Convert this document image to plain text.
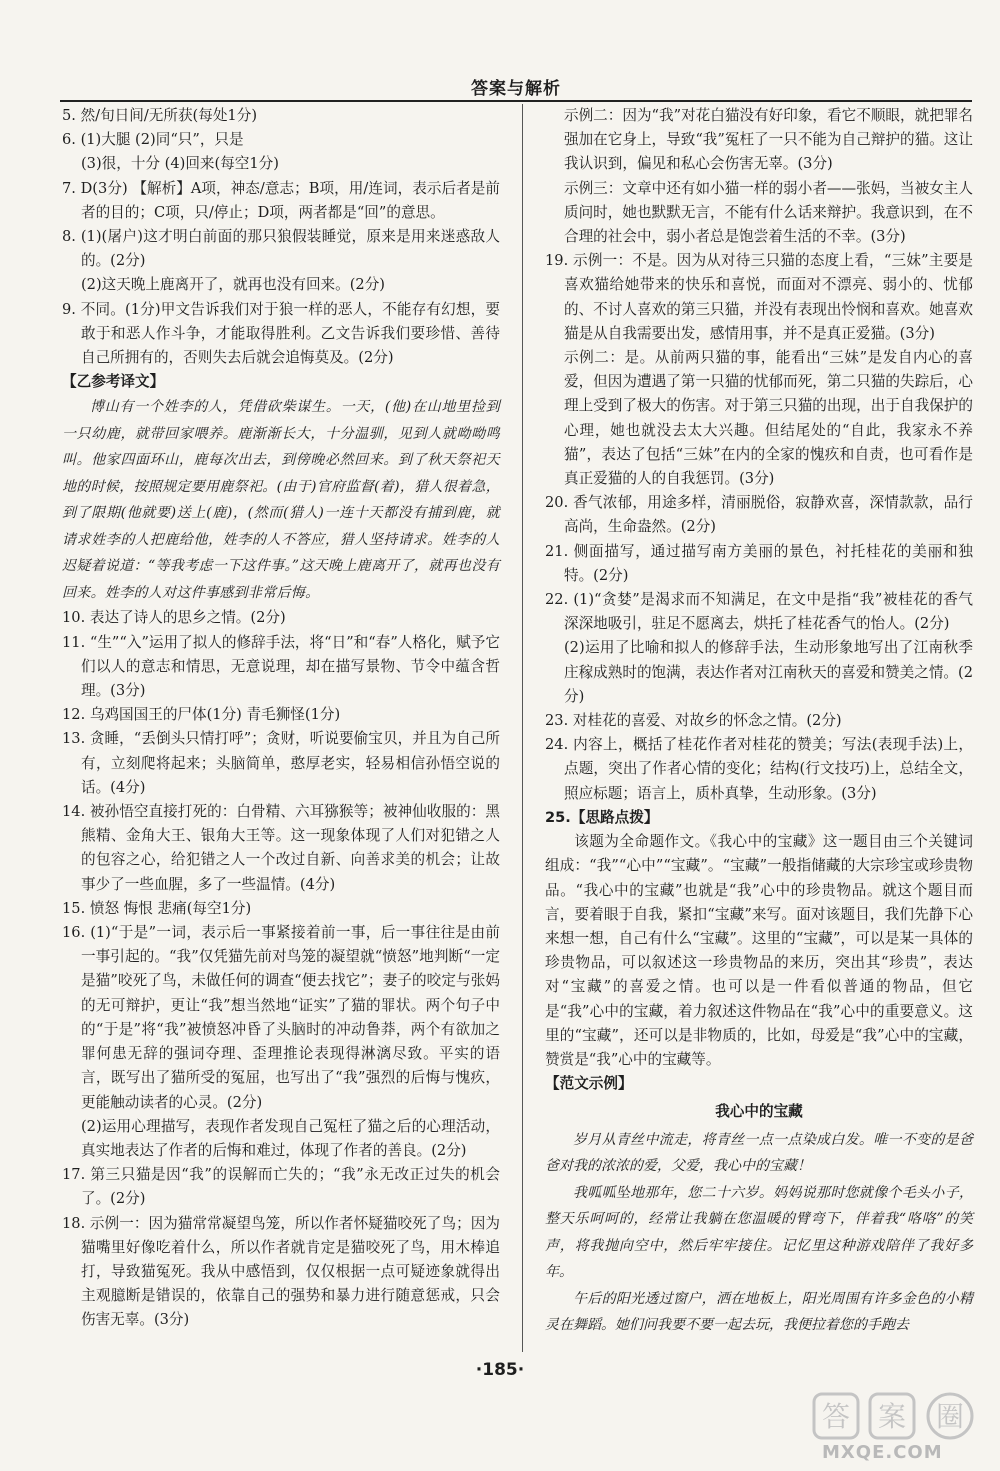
答案与解析

5. 然/旬日间/无所获(每处1分)

6. (1)大腿 (2)同“只”，只是

(3)很，十分 (4)回来(每空1分)

7. D(3分) 【解析】A项，神态/意志；B项，用/连词，表示后者是前者的目的；C项，只/停止；D项，两者都是“回”的意思。

8. (1)(屠户)这才明白前面的那只狼假装睡觉，原来是用来迷惑敌人的。(2分)

(2)这天晚上鹿离开了，就再也没有回来。(2分)

9. 不同。(1分)甲文告诉我们对于狼一样的恶人，不能存有幻想，要敢于和恶人作斗争，才能取得胜利。乙文告诉我们要珍惜、善待自己所拥有的，否则失去后就会追悔莫及。(2分)

【乙参考译文】

博山有一个姓李的人，凭借砍柴谋生。一天，(他)在山地里捡到一只幼鹿，就带回家喂养。鹿渐渐长大，十分温驯，见到人就呦呦鸣叫。他家四面环山，鹿每次出去，到傍晚必然回来。到了秋天祭祀天地的时候，按照规定要用鹿祭祀。(由于)官府监督(着)，猎人很着急，到了限期(他就要)送上(鹿)，(然而(猎人)一连十天都没有捕到鹿，就请求姓李的人把鹿给他，姓李的人不答应，猎人坚持请求。姓李的人迟疑着说道：“等我考虑一下这件事。”这天晚上鹿离开了，就再也没有回来。姓李的人对这件事感到非常后悔。

10. 表达了诗人的思乡之情。(2分)

11. “生”“入”运用了拟人的修辞手法，将“日”和“春”人格化，赋予它们以人的意志和情思，无意说理，却在描写景物、节令中蕴含哲理。(3分)

12. 乌鸡国国王的尸体(1分) 青毛狮怪(1分)

13. 贪睡，“丢倒头只情打呼”；贪财，听说要偷宝贝，并且为自己所有，立刻爬将起来；头脑简单，憨厚老实，轻易相信孙悟空说的话。(4分)

14. 被孙悟空直接打死的：白骨精、六耳猕猴等；被神仙收服的：黑熊精、金角大王、银角大王等。这一现象体现了人们对犯错之人的包容之心，给犯错之人一个改过自新、向善求美的机会；让故事少了一些血腥，多了一些温情。(4分)

15. 愤怒 悔恨 悲痛(每空1分)

16. (1)“于是”一词，表示后一事紧接着前一事，后一事往往是由前一事引起的。“我”仅凭猫先前对鸟笼的凝望就“愤怒”地判断“一定是猫”咬死了鸟，未做任何的调查“便去找它”；妻子的咬定与张妈的无可辩护，更让“我”想当然地“证实”了猫的罪状。两个句子中的“于是”将“我”被愤怒冲昏了头脑时的冲动鲁莽，两个有欲加之罪何患无辞的强词夺理、歪理推论表现得淋漓尽致。平实的语言，既写出了猫所受的冤屈，也写出了“我”强烈的后悔与愧疚，更能触动读者的心灵。(2分)

(2)运用心理描写，表现作者发现自己冤枉了猫之后的心理活动，真实地表达了作者的后悔和难过，体现了作者的善良。(2分)

17. 第三只猫是因“我”的误解而亡失的；“我”永无改正过失的机会了。(2分)

18. 示例一：因为猫常常凝望鸟笼，所以作者怀疑猫咬死了鸟；因为猫嘴里好像吃着什么，所以作者就肯定是猫咬死了鸟，用木棒追打，导致猫冤死。我从中感悟到，仅仅根据一点可疑迹象就得出主观臆断是错误的，依靠自己的强势和暴力进行随意惩戒，只会伤害无辜。(3分)

示例二：因为“我”对花白猫没有好印象，看它不顺眼，就把罪名强加在它身上，导致“我”冤枉了一只不能为自己辩护的猫。这让我认识到，偏见和私心会伤害无辜。(3分)

示例三：文章中还有如小猫一样的弱小者——张妈，当被女主人质问时，她也默默无言，不能有什么话来辩护。我意识到，在不合理的社会中，弱小者总是饱尝着生活的不幸。(3分)

19. 示例一：不是。因为从对待三只猫的态度上看，“三妹”主要是喜欢猫给她带来的快乐和喜悦，而面对不漂亮、弱小的、忧郁的、不讨人喜欢的第三只猫，并没有表现出怜悯和喜欢。她喜欢猫是从自我需要出发，感情用事，并不是真正爱猫。(3分)

示例二：是。从前两只猫的事，能看出“三妹”是发自内心的喜爱，但因为遭遇了第一只猫的忧郁而死，第二只猫的失踪后，心理上受到了极大的伤害。对于第三只猫的出现，出于自我保护的心理，她也就没去太大兴趣。但结尾处的“自此，我家永不养猫”，表达了包括“三妹”在内的全家的愧疚和自责，也可看作是真正爱猫的人的自我惩罚。(3分)

20. 香气浓郁，用途多样，清丽脱俗，寂静欢喜，深情款款，品行高尚，生命盎然。(2分)

21. 侧面描写，通过描写南方美丽的景色，衬托桂花的美丽和独特。(2分)

22. (1)“贪婪”是渴求而不知满足，在文中是指“我”被桂花的香气深深地吸引，驻足不愿离去，烘托了桂花香气的怡人。(2分)

(2)运用了比喻和拟人的修辞手法，生动形象地写出了江南秋季庄稼成熟时的饱满，表达作者对江南秋天的喜爱和赞美之情。(2分)

23. 对桂花的喜爱、对故乡的怀念之情。(2分)

24. 内容上，概括了桂花作者对桂花的赞美；写法(表现手法)上，点题，突出了作者心情的变化；结构(行文技巧)上，总结全文，照应标题；语言上，质朴真挚，生动形象。(3分)

25.【思路点拨】

该题为全命题作文。《我心中的宝藏》这一题目由三个关键词组成：“我”“心中”“宝藏”。“宝藏”一般指储藏的大宗珍宝或珍贵物品。“我心中的宝藏”也就是“我”心中的珍贵物品。就这个题目而言，要着眼于自我，紧扣“宝藏”来写。面对该题目，我们先静下心来想一想，自己有什么“宝藏”。这里的“宝藏”，可以是某一具体的珍贵物品，可以叙述这一珍贵物品的来历，突出其“珍贵”，表达对“宝藏”的喜爱之情。也可以是一件看似普通的物品，但它是“我”心中的宝藏，着力叙述这件物品在“我”心中的重要意义。这里的“宝藏”，还可以是非物质的，比如，母爱是“我”心中的宝藏，赞赏是“我”心中的宝藏等。

【范文示例】

我心中的宝藏

岁月从青丝中流走，将青丝一点一点染成白发。唯一不变的是爸爸对我的浓浓的爱，父爱，我心中的宝藏！

我呱呱坠地那年，您二十六岁。妈妈说那时您就像个毛头小子，整天乐呵呵的，经常让我躺在您温暖的臂弯下，伴着我“咯咯”的笑声，将我抛向空中，然后牢牢接住。记忆里这种游戏陪伴了我好多年。

午后的阳光透过窗户，洒在地板上，阳光周围有许多金色的小精灵在舞蹈。她们问我要不要一起去玩，我便拉着您的手跑去

·185·
答 案 圈
MXQE.COM
